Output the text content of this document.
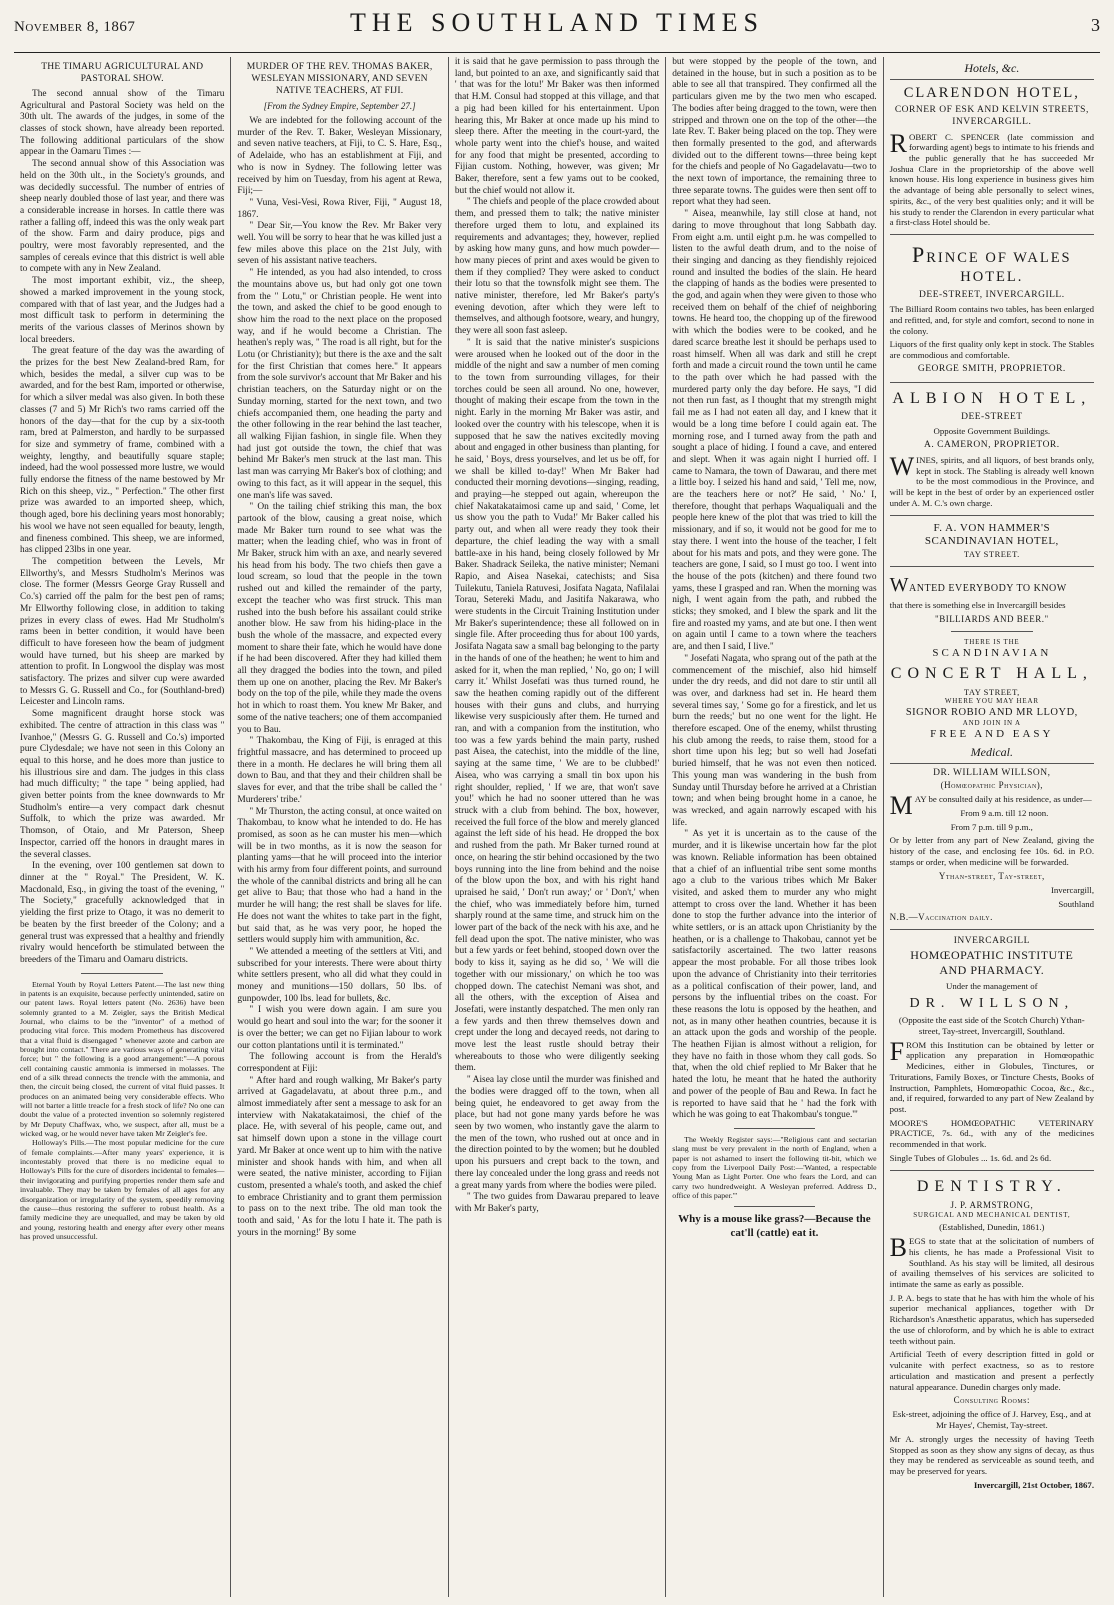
November 8, 1867	THE SOUTHLAND TIMES	3
THE TIMARU AGRICULTURAL AND PASTORAL SHOW.

The second annual show of the Timaru Agricultural and Pastoral Society was held on the 30th ult. The awards of the judges, in some of the classes of stock shown, have already been reported. The following additional particulars of the show appear in the Oamaru Times :—

The second annual show of this Association was held on the 30th ult., in the Society's grounds, and was decidedly successful. The number of entries of sheep nearly doubled those of last year, and there was a considerable increase in horses. In cattle there was rather a falling off, indeed this was the only weak part of the show. Farm and dairy produce, pigs and poultry, were most favorably represented, and the samples of cereals evince that this district is well able to compete with any in New Zealand.

The most important exhibit, viz., the sheep, showed a marked improvement in the young stock, compared with that of last year, and the Judges had a most difficult task to perform in determining the merits of the various classes of Merinos shown by local breeders.

The great feature of the day was the awarding of the prizes for the best New Zealand-bred Ram, for which, besides the medal, a silver cup was to be awarded, and for the best Ram, imported or otherwise, for which a silver medal was also given. In both these classes (7 and 5) Mr Rich's two rams carried off the honors of the day—that for the cup by a six-tooth ram, bred at Palmerston, and hardly to be surpassed for size and symmetry of frame, combined with a weighty, lengthy, and beautifully square staple; indeed, had the wool possessed more lustre, we would fully endorse the fitness of the name bestowed by Mr Rich on this sheep, viz., " Perfection." The other first prize was awarded to an imported sheep, which, though aged, bore his declining years most honorably; his wool we have not seen equalled for beauty, length, and fineness combined. This sheep, we are informed, has clipped 23lbs in one year.

The competition between the Levels, Mr Ellworthy's, and Messrs Studholm's Merinos was close. The former (Messrs George Gray Russell and Co.'s) carried off the palm for the best pen of rams; Mr Ellworthy following close, in addition to taking prizes in every class of ewes. Had Mr Studholm's rams been in better condition, it would have been difficult to have foreseen how the beam of judgment would have turned, but his sheep are marked by attention to profit. In Longwool the display was most satisfactory. The prizes and silver cup were awarded to Messrs G. G. Russell and Co., for (Southland-bred) Leicester and Lincoln rams.

Some magnificent draught horse stock was exhibited. The centre of attraction in this class was " Ivanhoe," (Messrs G. G. Russell and Co.'s) imported pure Clydesdale; we have not seen in this Colony an equal to this horse, and he does more than justice to his illustrious sire and dam. The judges in this class had much difficulty; " the tape " being applied, had given better points from the knee downwards to Mr Studholm's entire—a very compact dark chesnut Suffolk, to which the prize was awarded. Mr Thomson, of Otaio, and Mr Paterson, Sheep Inspector, carried off the honors in draught mares in the several classes.

In the evening, over 100 gentlemen sat down to dinner at the " Royal." The President, W. K. Macdonald, Esq., in giving the toast of the evening, " The Society," gracefully acknowledged that in yielding the first prize to Otago, it was no demerit to be beaten by the first breeder of the Colony; and a general trust was expressed that a healthy and friendly rivalry would henceforth be stimulated between the breeders of the Timaru and Oamaru districts.

Eternal Youth by Royal Letters Patent.—The last new thing in patents is an exquisite, because perfectly unintended, satire on our patent laws. Royal letters patent (No. 2636) have been solemnly granted to a M. Zeigler, says the British Medical Journal, who claims to be the "inventor" of a method of producing vital force. This modern Prometheus has discovered that a vital fluid is disengaged " whenever azote and carbon are brought into contact." There are various ways of generating vital force; but " the following is a good arrangement:"—A porous cell containing caustic ammonia is immersed in molasses. The end of a silk thread connects the trencle with the ammonia, and then, the circuit being closed, the current of vital fluid passes. It produces on an animated being very considerable effects. Who will not barter a little treacle for a fresh stock of life? No one can doubt the value of a protected invention so solemnly registered by Mr Deputy Chaffwax, who, we suspect, after all, must be a wicked wag, or he would never have taken Mr Zeigler's fee.

Holloway's Pills.—The most popular medicine for the cure of female complaints.—After many years' experience, it is incontestably proved that there is no medicine equal to Holloway's Pills for the cure of disorders incidental to females—their invigorating and purifying properties render them safe and invaluable. They may be taken by females of all ages for any disorganization or irregularity of the system, speedily removing the cause—thus restoring the sufferer to robust health. As a family medicine they are unequalled, and may be taken by old and young, restoring health and energy after every other means has proved unsuccessful.

MURDER OF THE REV. THOMAS BAKER, WESLEYAN MISSIONARY, AND SEVEN NATIVE TEACHERS, AT FIJI.
[From the Sydney Empire, September 27.]

We are indebted for the following account of the murder of the Rev. T. Baker, Wesleyan Missionary, and seven native teachers, at Fiji, to C. S. Hare, Esq., of Adelaide, who has an establishment at Fiji, and who is now in Sydney. The following letter was received by him on Tuesday, from his agent at Rewa, Fiji;—

" Vuna, Vesi-Vesi, Rowa River, Fiji, " August 18, 1867.

" Dear Sir,—You know the Rev. Mr Baker very well. You will be sorry to hear that he was killed just a few miles above this place on the 21st July, with seven of his assistant native teachers.

" He intended, as you had also intended, to cross the mountains above us, but had only got one town from the " Lotu," or Christian people. He went into the town, and asked the chief to be good enough to show him the road to the next place on the proposed way, and if he would become a Christian. The heathen's reply was, " The road is all right, but for the Lotu (or Christianity); but there is the axe and the salt for the first Christian that comes here." It appears from the sole survivor's account that Mr Baker and his christian teachers, on the Saturday night or on the Sunday morning, started for the next town, and two chiefs accompanied them, one heading the party and the other following in the rear behind the last teacher, all walking Fijian fashion, in single file. When they had just got outside the town, the chief that was behind Mr Baker's men struck at the last man. This last man was carrying Mr Baker's box of clothing; and owing to this fact, as it will appear in the sequel, this one man's life was saved.

" On the tailing chief striking this man, the box partook of the blow, causing a great noise, which made Mr Baker turn round to see what was the matter; when the leading chief, who was in front of Mr Baker, struck him with an axe, and nearly severed his head from his body. The two chiefs then gave a loud scream, so loud that the people in the town rushed out and killed the remainder of the party, except the teacher who was first struck. This man rushed into the bush before his assailant could strike another blow. He saw from his hiding-place in the bush the whole of the massacre, and expected every moment to share their fate, which he would have done if he had been discovered. After they had killed them all they dragged the bodies into the town, and piled them up one on another, placing the Rev. Mr Baker's body on the top of the pile, while they made the ovens hot in which to roast them. You knew Mr Baker, and some of the native teachers; one of them accompanied you to Bau.

" Thakombau, the King of Fiji, is enraged at this frightful massacre, and has determined to proceed up there in a month. He declares he will bring them all down to Bau, and that they and their children shall be slaves for ever, and that the tribe shall be called the ' Murderers' tribe.'

" Mr Thurston, the acting consul, at once waited on Thakombau, to know what he intended to do. He has promised, as soon as he can muster his men—which will be in two months, as it is now the season for planting yams—that he will proceed into the interior with his army from four different points, and surround the whole of the cannibal districts and bring all he can get alive to Bau; that those who had a hand in the murder he will hang; the rest shall be slaves for life. He does not want the whites to take part in the fight, but said that, as he was very poor, he hoped the settlers would supply him with ammunition, &c.

" We attended a meeting of the settlers at Viti, and subscribed for your interests. There were about thirty white settlers present, who all did what they could in money and munitions—150 dollars, 50 lbs. of gunpowder, 100 lbs. lead for bullets, &c.

" I wish you were down again. I am sure you would go heart and soul into the war; for the sooner it is over the better; we can get no Fijian labour to work our cotton plantations until it is terminated."

The following account is from the Herald's correspondent at Fiji:

" After hard and rough walking, Mr Baker's party arrived at Gagadelavatu, at about three p.m., and almost immediately after sent a message to ask for an interview with Nakatakataimosi, the chief of the place. He, with several of his people, came out, and sat himself down upon a stone in the village court yard. Mr Baker at once went up to him with the native minister and shook hands with him, and when all were seated, the native minister, according to Fijian custom, presented a whale's tooth, and asked the chief to embrace Christianity and to grant them permission to pass on to the next tribe. The old man took the tooth and said, ' As for the lotu I hate it. The path is yours in the morning!' By some

it is said that he gave permission to pass through the land, but pointed to an axe, and significantly said that ' that was for the lotu!' Mr Baker was then informed that H.M. Consul had stopped at this village, and that a pig had been killed for his entertainment. Upon hearing this, Mr Baker at once made up his mind to sleep there. After the meeting in the court-yard, the whole party went into the chief's house, and waited for any food that might be presented, according to Fijian custom. Nothing, however, was given; Mr Baker, therefore, sent a few yams out to be cooked, but the chief would not allow it.

" The chiefs and people of the place crowded about them, and pressed them to talk; the native minister therefore urged them to lotu, and explained its requirements and advantages; they, however, replied by asking how many guns, and how much powder—how many pieces of print and axes would be given to them if they complied? They were asked to conduct their lotu so that the townsfolk might see them. The native minister, therefore, led Mr Baker's party's evening devotion, after which they were left to themselves, and although footsore, weary, and hungry, they were all soon fast asleep.

" It is said that the native minister's suspicions were aroused when he looked out of the door in the middle of the night and saw a number of men coming to the town from surrounding villages, for their torches could be seen all around. No one, however, thought of making their escape from the town in the night. Early in the morning Mr Baker was astir, and looked over the country with his telescope, when it is supposed that he saw the natives excitedly moving about and engaged in other business than planting, for he said, ' Boys, dress yourselves, and let us be off, for we shall be killed to-day!' When Mr Baker had conducted their morning devotions—singing, reading, and praying—he stepped out again, whereupon the chief Nakatakataimosi came up and said, ' Come, let us show you the path to Vuda!' Mr Baker called his party out, and when all were ready they took their departure, the chief leading the way with a small battle-axe in his hand, being closely followed by Mr Baker. Shadrack Seileka, the native minister; Nemani Rapio, and Aisea Nasekai, catechists; and Sisa Tuilekutu, Taniela Ratuvesi, Josifata Nagata, Nafilalai Torau, Setereki Madu, and Jasitifa Nakarawa, who were students in the Circuit Training Institution under Mr Baker's superintendence; these all followed on in single file. After proceeding thus for about 100 yards, Josifata Nagata saw a small bag belonging to the party in the hands of one of the heathen; he went to him and asked for it, when the man replied, ' No, go on; I will carry it.' Whilst Josefati was thus turned round, he saw the heathen coming rapidly out of the different houses with their guns and clubs, and hurrying likewise very suspiciously after them. He turned and ran, and with a companion from the institution, who too was a few yards behind the main party, rushed past Aisea, the catechist, into the middle of the line, saying at the same time, ' We are to be clubbed!' Aisea, who was carrying a small tin box upon his right shoulder, replied, ' If we are, that won't save you!' which he had no sooner uttered than he was struck with a club from behind. The box, however, received the full force of the blow and merely glanced against the left side of his head. He dropped the box and rushed from the path. Mr Baker turned round at once, on hearing the stir behind occasioned by the two boys running into the line from behind and the noise of the blow upon the box, and with his right hand upraised he said, ' Don't run away;' or ' Don't,' when the chief, who was immediately before him, turned sharply round at the same time, and struck him on the lower part of the back of the neck with his axe, and he fell dead upon the spot. The native minister, who was but a few yards or feet behind, stooped down over the body to kiss it, saying as he did so, ' We will die together with our missionary,' on which he too was chopped down. The catechist Nemani was shot, and all the others, with the exception of Aisea and Josefati, were instantly despatched. The men only ran a few yards and then threw themselves down and crept under the long and decayed reeds, not daring to move lest the least rustle should betray their whereabouts to those who were diligently seeking them.

" Aisea lay close until the murder was finished and the bodies were dragged off to the town, when all being quiet, he endeavored to get away from the place, but had not gone many yards before he was seen by two women, who instantly gave the alarm to the men of the town, who rushed out at once and in the direction pointed to by the women; but he doubled upon his pursuers and crept back to the town, and there lay concealed under the long grass and reeds not a great many yards from where the bodies were piled.

" The two guides from Dawarau prepared to leave with Mr Baker's party,

but were stopped by the people of the town, and detained in the house, but in such a position as to be able to see all that transpired. They confirmed all the particulars given me by the two men who escaped. The bodies after being dragged to the town, were then stripped and thrown one on the top of the other—the late Rev. T. Baker being placed on the top. They were then formally presented to the god, and afterwards divided out to the different towns—three being kept for the chiefs and people of No Gagadelavatu—two to the next town of importance, the remaining three to three separate towns. The guides were then sent off to report what they had seen.

" Aisea, meanwhile, lay still close at hand, not daring to move throughout that long Sabbath day. From eight a.m. until eight p.m. he was compelled to listen to the awful death drum, and to the noise of their singing and dancing as they fiendishly rejoiced round and insulted the bodies of the slain. He heard the clapping of hands as the bodies were presented to the god, and again when they were given to those who received them on behalf of the chief of neighboring towns. He heard too, the chopping up of the firewood with which the bodies were to be cooked, and he dared scarce breathe lest it should be perhaps used to roast himself. When all was dark and still he crept forth and made a circuit round the town until he came to the path over which he had passed with the murdered party only the day before. He says, "I did not then run fast, as I thought that my strength might fail me as I had not eaten all day, and I knew that it would be a long time before I could again eat. The morning rose, and I turned away from the path and sought a place of hiding. I found a cave, and entered and slept. When it was again night I hurried off. I came to Namara, the town of Dawarau, and there met a little boy. I seized his hand and said, ' Tell me, now, are the teachers here or not?' He said, ' No.' I, therefore, thought that perhaps Waqualiquali and the people here knew of the plot that was tried to kill the missionary, and if so, it would not be good for me to stay there. I went into the house of the teacher, I felt about for his mats and pots, and they were gone. The teachers are gone, I said, so I must go too. I went into the house of the pots (kitchen) and there found two yams, these I grasped and ran. When the morning was nigh, I went again from the path, and rubbed the sticks; they smoked, and I blew the spark and lit the fire and roasted my yams, and ate but one. I then went on again until I came to a town where the teachers are, and then I said, I live."

" Josefati Nagata, who sprang out of the path at the commencement of the mischief, also hid himself under the dry reeds, and did not dare to stir until all was over, and darkness had set in. He heard them several times say, ' Some go for a firestick, and let us burn the reeds;' but no one went for the light. He therefore escaped. One of the enemy, whilst thrusting his club among the reeds, to raise them, stood for a short time upon his leg; but so well had Josefati buried himself, that he was not even then noticed. This young man was wandering in the bush from Sunday until Thursday before he arrived at a Christian town; and when being brought home in a canoe, he was wrecked, and again narrowly escaped with his life.

" As yet it is uncertain as to the cause of the murder, and it is likewise uncertain how far the plot was known. Reliable information has been obtained that a chief of an influential tribe sent some months ago a club to the various tribes which Mr Baker visited, and asked them to murder any who might attempt to cross over the land. Whether it has been done to stop the further advance into the interior of white settlers, or is an attack upon Christianity by the heathen, or is a challenge to Thakobau, cannot yet be satisfactorily ascertained. The two latter reasons appear the most probable. For all those tribes look upon the advance of Christianity into their territories as a political confiscation of their power, land, and persons by the influential tribes on the coast. For these reasons the lotu is opposed by the heathen, and not, as in many other heathen countries, because it is an attack upon the gods and worship of the people. The heathen Fijian is almost without a religion, for they have no faith in those whom they call gods. So that, when the old chief replied to Mr Baker that he hated the lotu, he meant that he hated the authority and power of the people of Bau and Rewa. In fact he is reported to have said that he ' had the fork with which he was going to eat Thakombau's tongue.'"

The Weekly Register says:—"Religious cant and sectarian slang must be very prevalent in the north of England, when a paper is not ashamed to insert the following tit-bit, which we copy from the Liverpool Daily Post:—'Wanted, a respectable Young Man as Light Porter. One who fears the Lord, and can carry two hundredweight. A Wesleyan preferred. Address D., office of this paper.'"

Why is a mouse like grass?—Because the cat'll (cattle) eat it.
Hotels, &c.
CLARENDON HOTEL,
CORNER OF ESK AND KELVIN STREETS,
INVERCARGILL.
ROBERT C. SPENCER (late commission and forwarding agent) begs to intimate to his friends and the public generally that he has succeeded Mr Joshua Clare in the proprietorship of the above well known house. His long experience in business gives him the advantage of being able personally to select wines, spirits, &c., of the very best qualities only; and it will be his study to render the Clarendon in every particular what a first-class Hotel should be.
PRINCE OF WALES HOTEL.
DEE-STREET, INVERCARGILL.
The Billiard Room contains two tables, has been enlarged and refitted, and, for style and comfort, second to none in the colony.
Liquors of the first quality only kept in stock. The Stables are commodious and comfortable.
GEORGE SMITH, PROPRIETOR.
ALBION HOTEL,
DEE-STREET
Opposite Government Buildings.
A. CAMERON, PROPRIETOR.
WINES, spirits, and all liquors, of best brands only, kept in stock. The Stabling is already well known to be the most commodious in the Province, and will be kept in the best of order by an experienced ostler under A. M. C.'s own charge.
F. A. VON HAMMER'S
SCANDINAVIAN HOTEL,
TAY STREET.
WANTED EVERYBODY TO KNOW
that there is something else in Invercargill besides
"BILLIARDS AND BEER."
THERE IS THE
SCANDINAVIAN
CONCERT HALL,
TAY STREET,
WHERE YOU MAY HEAR
SIGNOR ROBIO AND MR LLOYD,
AND JOIN IN A
FREE AND EASY
Medical.
DR. WILLIAM WILLSON,
(Homœopathic Physician),
MAY be consulted daily at his residence, as under—
From 9 a.m. till 12 noon.
From 7 p.m. till 9 p.m.,
Or by letter from any part of New Zealand, giving the history of the case, and enclosing fee 10s. 6d. in P.O. stamps or order, when medicine will be forwarded.
Ythan-street, Tay-street,
Invercargill,
Southland
N.B.—Vaccination daily.
INVERCARGILL
HOMŒOPATHIC INSTITUTE
AND PHARMACY.
Under the management of
DR. WILLSON,
(Opposite the east side of the Scotch Church) Ythan-street, Tay-street, Invercargill, Southland.
FROM this Institution can be obtained by letter or application any preparation in Homœopathic Medicines, either in Globules, Tinctures, or Triturations, Family Boxes, or Tincture Chests, Books of Instruction, Pamphlets, Homœopathic Cocoa, &c., &c., and, if required, forwarded to any part of New Zealand by post.
MOORE'S HOMŒOPATHIC VETERINARY PRACTICE, 7s. 6d., with any of the medicines recommended in that work.
Single Tubes of Globules ... 1s. 6d. and 2s 6d.
DENTISTRY.
J. P. ARMSTRONG,
SURGICAL AND MECHANICAL DENTIST,
(Established, Dunedin, 1861.)
BEGS to state that at the solicitation of numbers of his clients, he has made a Professional Visit to Southland. As his stay will be limited, all desirous of availing themselves of his services are solicited to intimate the same as early as possible.
J. P. A. begs to state that he has with him the whole of his superior mechanical appliances, together with Dr Richardson's Anæsthetic apparatus, which has superseded the use of chloroform, and by which he is able to extract teeth without pain.
Artificial Teeth of every description fitted in gold or vulcanite with perfect exactness, so as to restore articulation and mastication and present a perfectly natural appearance. Dunedin charges only made.
Consulting Rooms:
Esk-street, adjoining the office of J. Harvey, Esq., and at Mr Hayes', Chemist, Tay-street.
Mr A. strongly urges the necessity of having Teeth Stopped as soon as they show any signs of decay, as thus they may be rendered as serviceable as sound teeth, and may be preserved for years.
Invercargill, 21st October, 1867.
